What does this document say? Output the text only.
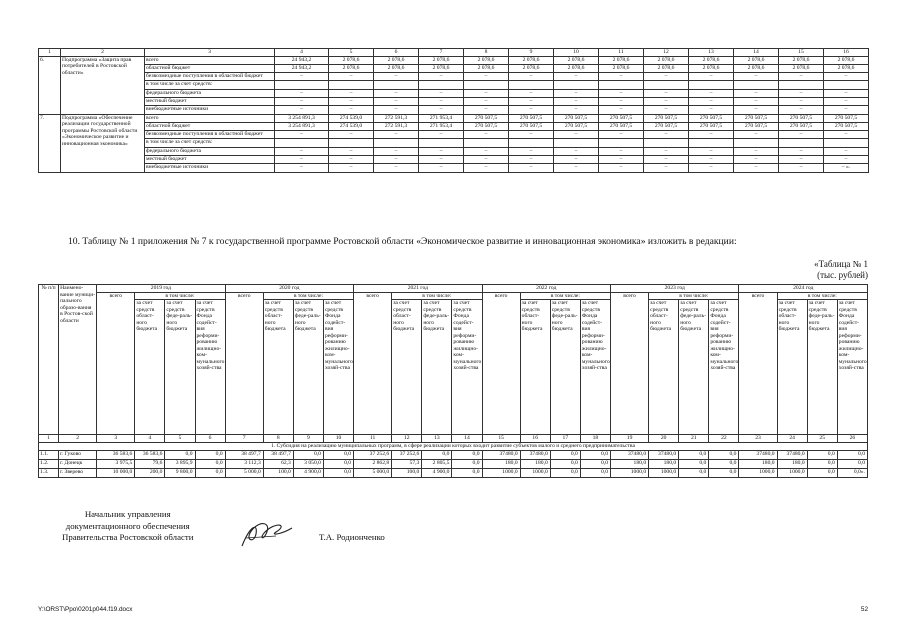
1	2	3	4	5	6	7	8	9	10	11	12	13	14	15	16
6.	Подпрограмма «Защита прав потребителей в Ростовской области»	всего	24 943,2	2 078,6	2 078,6	2 078,6	2 078,6	2 078,6	2 078,6	2 078,6	2 078,6	2 078,6	2 078,6	2 078,6	2 078,6
		областной бюджет	24 943,2	2 078,6	2 078,6	2 078,6	2 078,6	2 078,6	2 078,6	2 078,6	2 078,6	2 078,6	2 078,6	2 078,6	2 078,6
		безвозмездные поступления в областной бюджет	–	–	–	–	–	–	–	–	–	–	–	–	–
		в том числе за счет средств:													
		федерального бюджета	–	–	–	–	–	–	–	–	–	–	–	–	–
		местный бюджет	–	–	–	–	–	–	–	–	–	–	–	–	–
		внебюджетные источники	–	–	–	–	–	–	–	–	–	–	–	–	–
7.	Подпрограмма «Обеспечение реализации государственной программы Ростовской области «Экономическое развитие и инновационная экономика»	всего	3 254 891,3	274 539,0	272 591,3	271 953,4	270 507,5	270 507,5	270 507,5	270 507,5	270 507,5	270 507,5	270 507,5	270 507,5	270 507,5
		областной бюджет	3 254 891,3	274 539,0	272 591,3	271 953,4	270 507,5	270 507,5	270 507,5	270 507,5	270 507,5	270 507,5	270 507,5	270 507,5	270 507,5
		безвозмездные поступления в областной бюджет	–	–	–	–	–	–	–	–	–	–	–	–	–
		в том числе за счет средств:													
		федерального бюджета	–	–	–	–	–	–	–	–	–	–	–	–	–
		местный бюджет	–	–	–	–	–	–	–	–	–	–	–	–	–
		внебюджетные источники	–	–	–	–	–	–	–	–	–	–	–	–	– ».
10. Таблицу № 1 приложения № 7 к государственной программе Ростовской области «Экономическое развитие и инновационная экономика» изложить в редакции:
«Таблица № 1
(тыс. рублей)
№ п/п	Наимено-вание муници-пального образо-вания в Ростов-ской области	2019 год				2020 год				2021 год				2022 год				2023 год				2024 год			
		всего	в том числе:			всего	в том числе:			всего	в том числе:			всего	в том числе:			всего	в том числе:			всего	в том числе:		
			за счет средств област-ного бюджета	за счет средств феде-раль-ного бюджета	за счет средств Фонда содейст-вия реформи-рованию жилищно-ком-мунального хозяй-ства		за счет средств област-ного бюджета	за счет средств феде-раль-ного бюджета	за счет средств Фонда содейст-вия реформи-рованию жилищно-ком-мунального хозяй-ства		за счет средств област-ного бюджета	за счет средств феде-раль-ного бюджета	за счет средств Фонда содейст-вия реформи-рованию жилищно-ком-мунального хозяй-ства		за счет средств област-ного бюджета	за счет средств феде-раль-ного бюджета	за счет средств Фонда содейст-вия реформи-рованию жилищно-ком-мунального хозяй-ства		за счет средств област-ного бюджета	за счет средств феде-раль-ного бюджета	за счет средств Фонда содейст-вия реформи-рованию жилищно-ком-мунального хозяй-ства		за счет средств област-ного бюджета	за счет средств феде-раль-ного бюджета	за счет средств Фонда содейст-вия реформи-рованию жилищно-ком-мунального хозяй-ства
1	2	3	4	5	6	7	8	9	10	11	12	13	14	15	16	17	18	19	20	21	22	23	24	25	26
1. Субсидия на реализацию муниципальных программ, в сфере реализации которых входит развитие субъектов малого и среднего предпринимательства																									
1.1.	г. Гуково	36 583,6	36 583,6	0,0	0,0	38 497,7	38 497,7	0,0	0,0	37 252,6	37 252,6	0,0	0,0	37480,0	37480,0	0,0	0,0	37480,0	37480,0	0,0	0,0	37480,0	37480,0	0,0	0,0
1.2.	г. Донецк	3 975,5	79,6	3 895,9	0,0	3 112,3	62,3	3 050,0	0,0	2 862,8	57,3	2 805,5	0,0	180,0	180,0	0,0	0,0	180,0	180,0	0,0	0,0	180,0	180,0	0,0	0,0
1.3.	г. Зверево	10 000,0	200,0	9 800,0	0,0	5 000,0	100,0	4 900,0	0,0	5 000,0	100,0	4 900,0	0,0	1000,0	1000,0	0,0	0,0	1000,0	1000,0	0,0	0,0	1000,0	1000,0	0,0	0,0».
Начальник управления
документационного обеспечения
Правительства Ростовской области	Т.А. Родионченко
Y:\ORST\Ppo\0201p044.f19.docx	52
